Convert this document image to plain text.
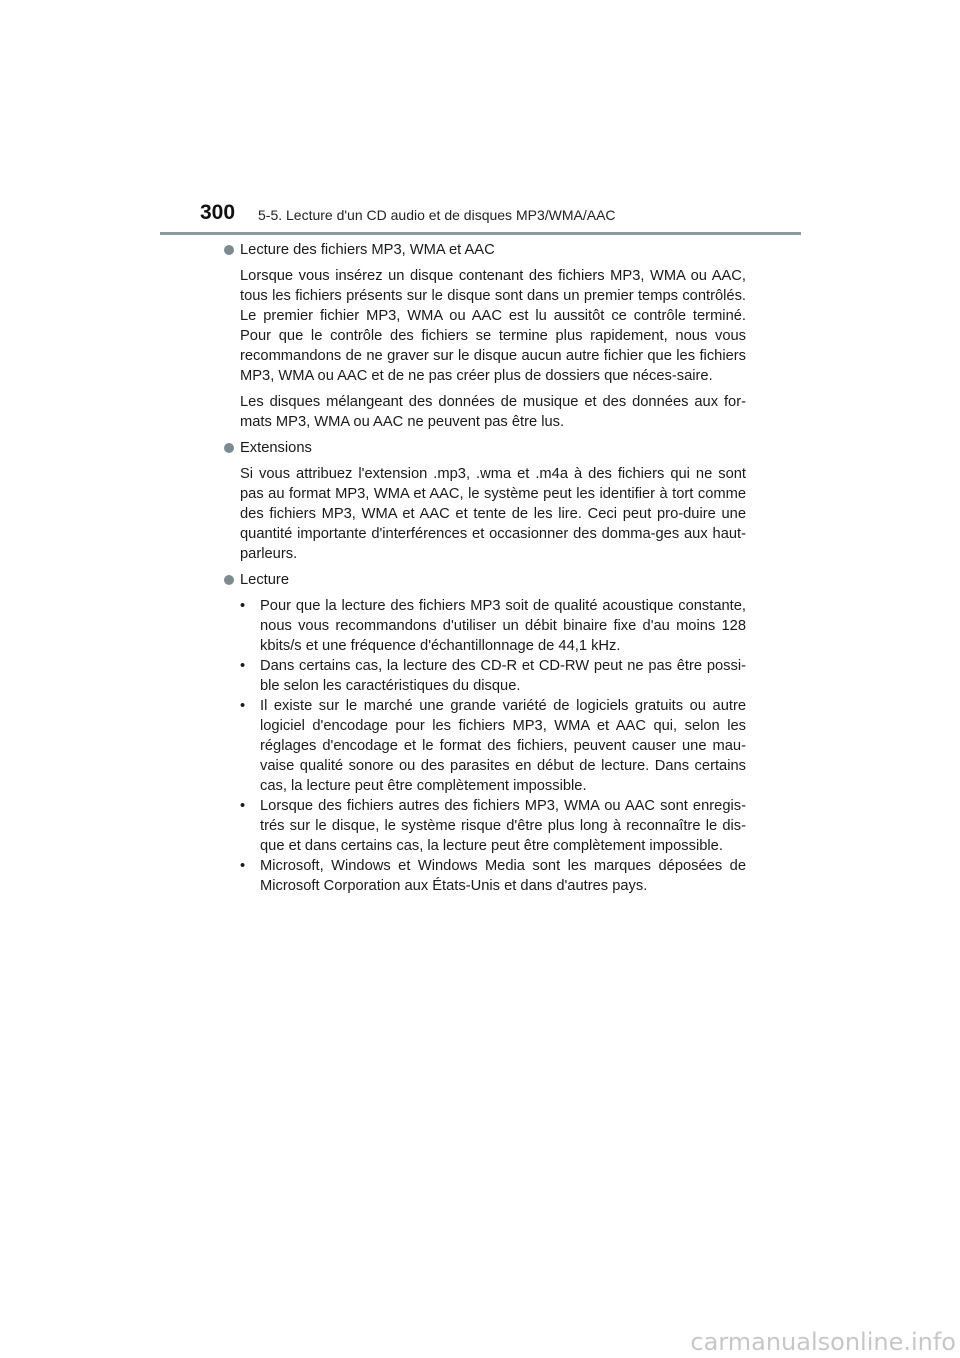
300 5-5. Lecture d'un CD audio et de disques MP3/WMA/AAC
Lecture des fichiers MP3, WMA et AAC

Lorsque vous insérez un disque contenant des fichiers MP3, WMA ou AAC, tous les fichiers présents sur le disque sont dans un premier temps contrôlés. Le premier fichier MP3, WMA ou AAC est lu aussitôt ce contrôle terminé. Pour que le contrôle des fichiers se termine plus rapidement, nous vous recommandons de ne graver sur le disque aucun autre fichier que les fichiers MP3, WMA ou AAC et de ne pas créer plus de dossiers que néces-saire.

Les disques mélangeant des données de musique et des données aux for-mats MP3, WMA ou AAC ne peuvent pas être lus.

Extensions

Si vous attribuez l'extension .mp3, .wma et .m4a à des fichiers qui ne sont pas au format MP3, WMA et AAC, le système peut les identifier à tort comme des fichiers MP3, WMA et AAC et tente de les lire. Ceci peut pro-duire une quantité importante d'interférences et occasionner des domma-ges aux haut-parleurs.

Lecture
• Pour que la lecture des fichiers MP3 soit de qualité acoustique constante, nous vous recommandons d'utiliser un débit binaire fixe d'au moins 128 kbits/s et une fréquence d'échantillonnage de 44,1 kHz.
• Dans certains cas, la lecture des CD-R et CD-RW peut ne pas être possi-ble selon les caractéristiques du disque.
• Il existe sur le marché une grande variété de logiciels gratuits ou autre logiciel d'encodage pour les fichiers MP3, WMA et AAC qui, selon les réglages d'encodage et le format des fichiers, peuvent causer une mau-vaise qualité sonore ou des parasites en début de lecture. Dans certains cas, la lecture peut être complètement impossible.
• Lorsque des fichiers autres des fichiers MP3, WMA ou AAC sont enregis-trés sur le disque, le système risque d'être plus long à reconnaître le dis-que et dans certains cas, la lecture peut être complètement impossible.
• Microsoft, Windows et Windows Media sont les marques déposées de Microsoft Corporation aux États-Unis et dans d'autres pays.
carmanualsonline.info
